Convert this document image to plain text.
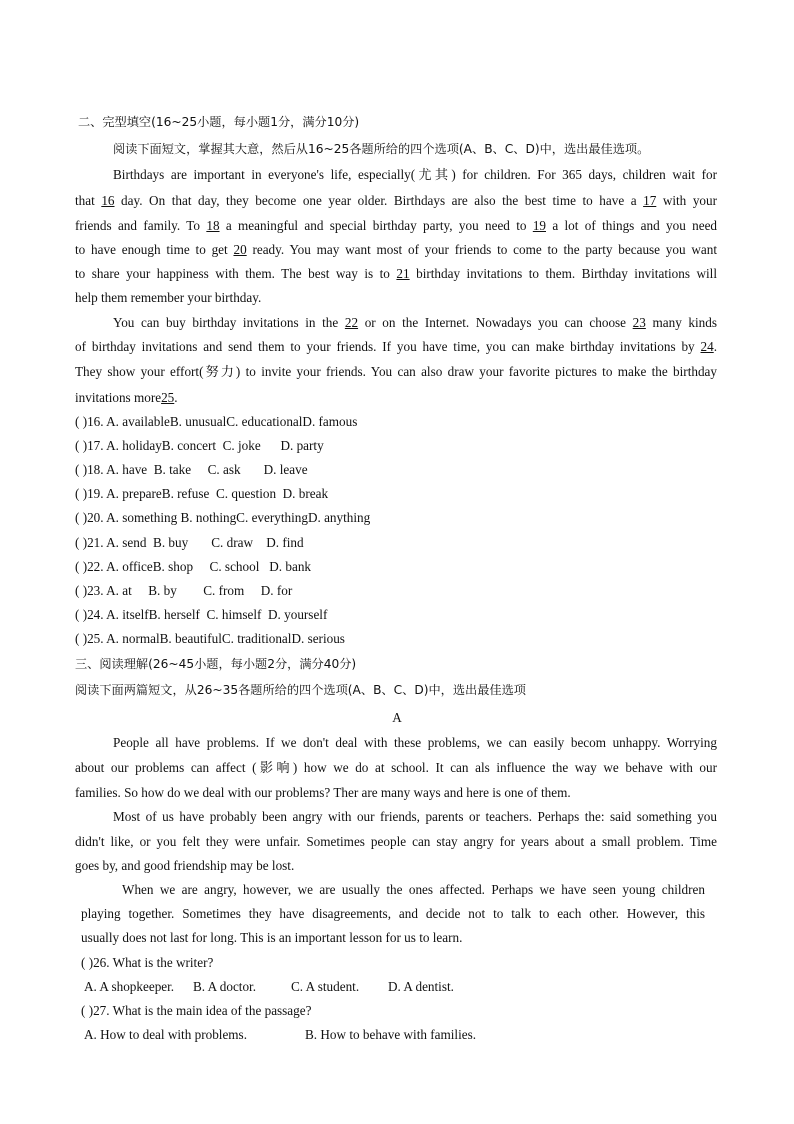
二、完型填空(16~25小题，每小题1分，满分10分)
阅读下面短文，掌握其大意，然后从16~25各题所给的四个选项(A、B、C、D)中，选出最佳选项。
Birthdays are important in everyone's life, especially(尤其) for children. For 365 days, children wait for
that 16 day. On that day, they become one year older. Birthdays are also the best time to have a 17 with your
friends and family. To 18 a meaningful and special birthday party, you need to 19 a lot of things and you need
to have enough time to get 20 ready. You may want most of your friends to come to the party because you want
to share your happiness with them. The best way is to 21 birthday invitations to them. Birthday invitations will
help them remember your birthday.
You can buy birthday invitations in the 22 or on the Internet. Nowadays you can choose 23 many kinds
of birthday invitations and send them to your friends. If you have time, you can make birthday invitations by 24.
They show your effort(努力) to invite your friends. You can also draw your favorite pictures to make the birthday
invitations more25.
( )16. A. availableB. unusualC. educationalD. famous
( )17. A. holidayB. concert  C. joke      D. party
( )18. A. have  B. take     C. ask       D. leave
( )19. A. prepareB. refuse  C. question  D. break
( )20. A. something B. nothingC. everythingD. anything
( )21. A. send  B. buy       C. draw    D. find
( )22. A. officeB. shop     C. school   D. bank
( )23. A. at     B. by        C. from     D. for
( )24. A. itselfB. herself  C. himself  D. yourself
( )25. A. normalB. beautifulC. traditionalD. serious
三、阅读理解(26~45小题，每小题2分，满分40分)
阅读下面两篇短文，从26~35各题所给的四个选项(A、B、C、D)中，选出最佳选项
A
People all have problems. If we don't deal with these problems, we can easily becom unhappy. Worrying
about our problems can affect (影响) how we do at school. It can als influence the way we behave with our
families. So how do we deal with our problems? Ther are many ways and here is one of them.
Most of us have probably been angry with our friends, parents or teachers. Perhaps the: said something you
didn't like, or you felt they were unfair. Sometimes people can stay angry for years about a small problem. Time
goes by, and good friendship may be lost.
When we are angry, however, we are usually the ones affected. Perhaps we have seen young children
playing together. Sometimes they have disagreements, and decide not to talk to each other. However, this
usually does not last for long. This is an important lesson for us to learn.
( )26. What is the writer?
A. A shopkeeper. B. A doctor.	C. A student. D. A dentist.
( )27. What is the main idea of the passage?
A. How to deal with problems.	B. How to behave with families.
